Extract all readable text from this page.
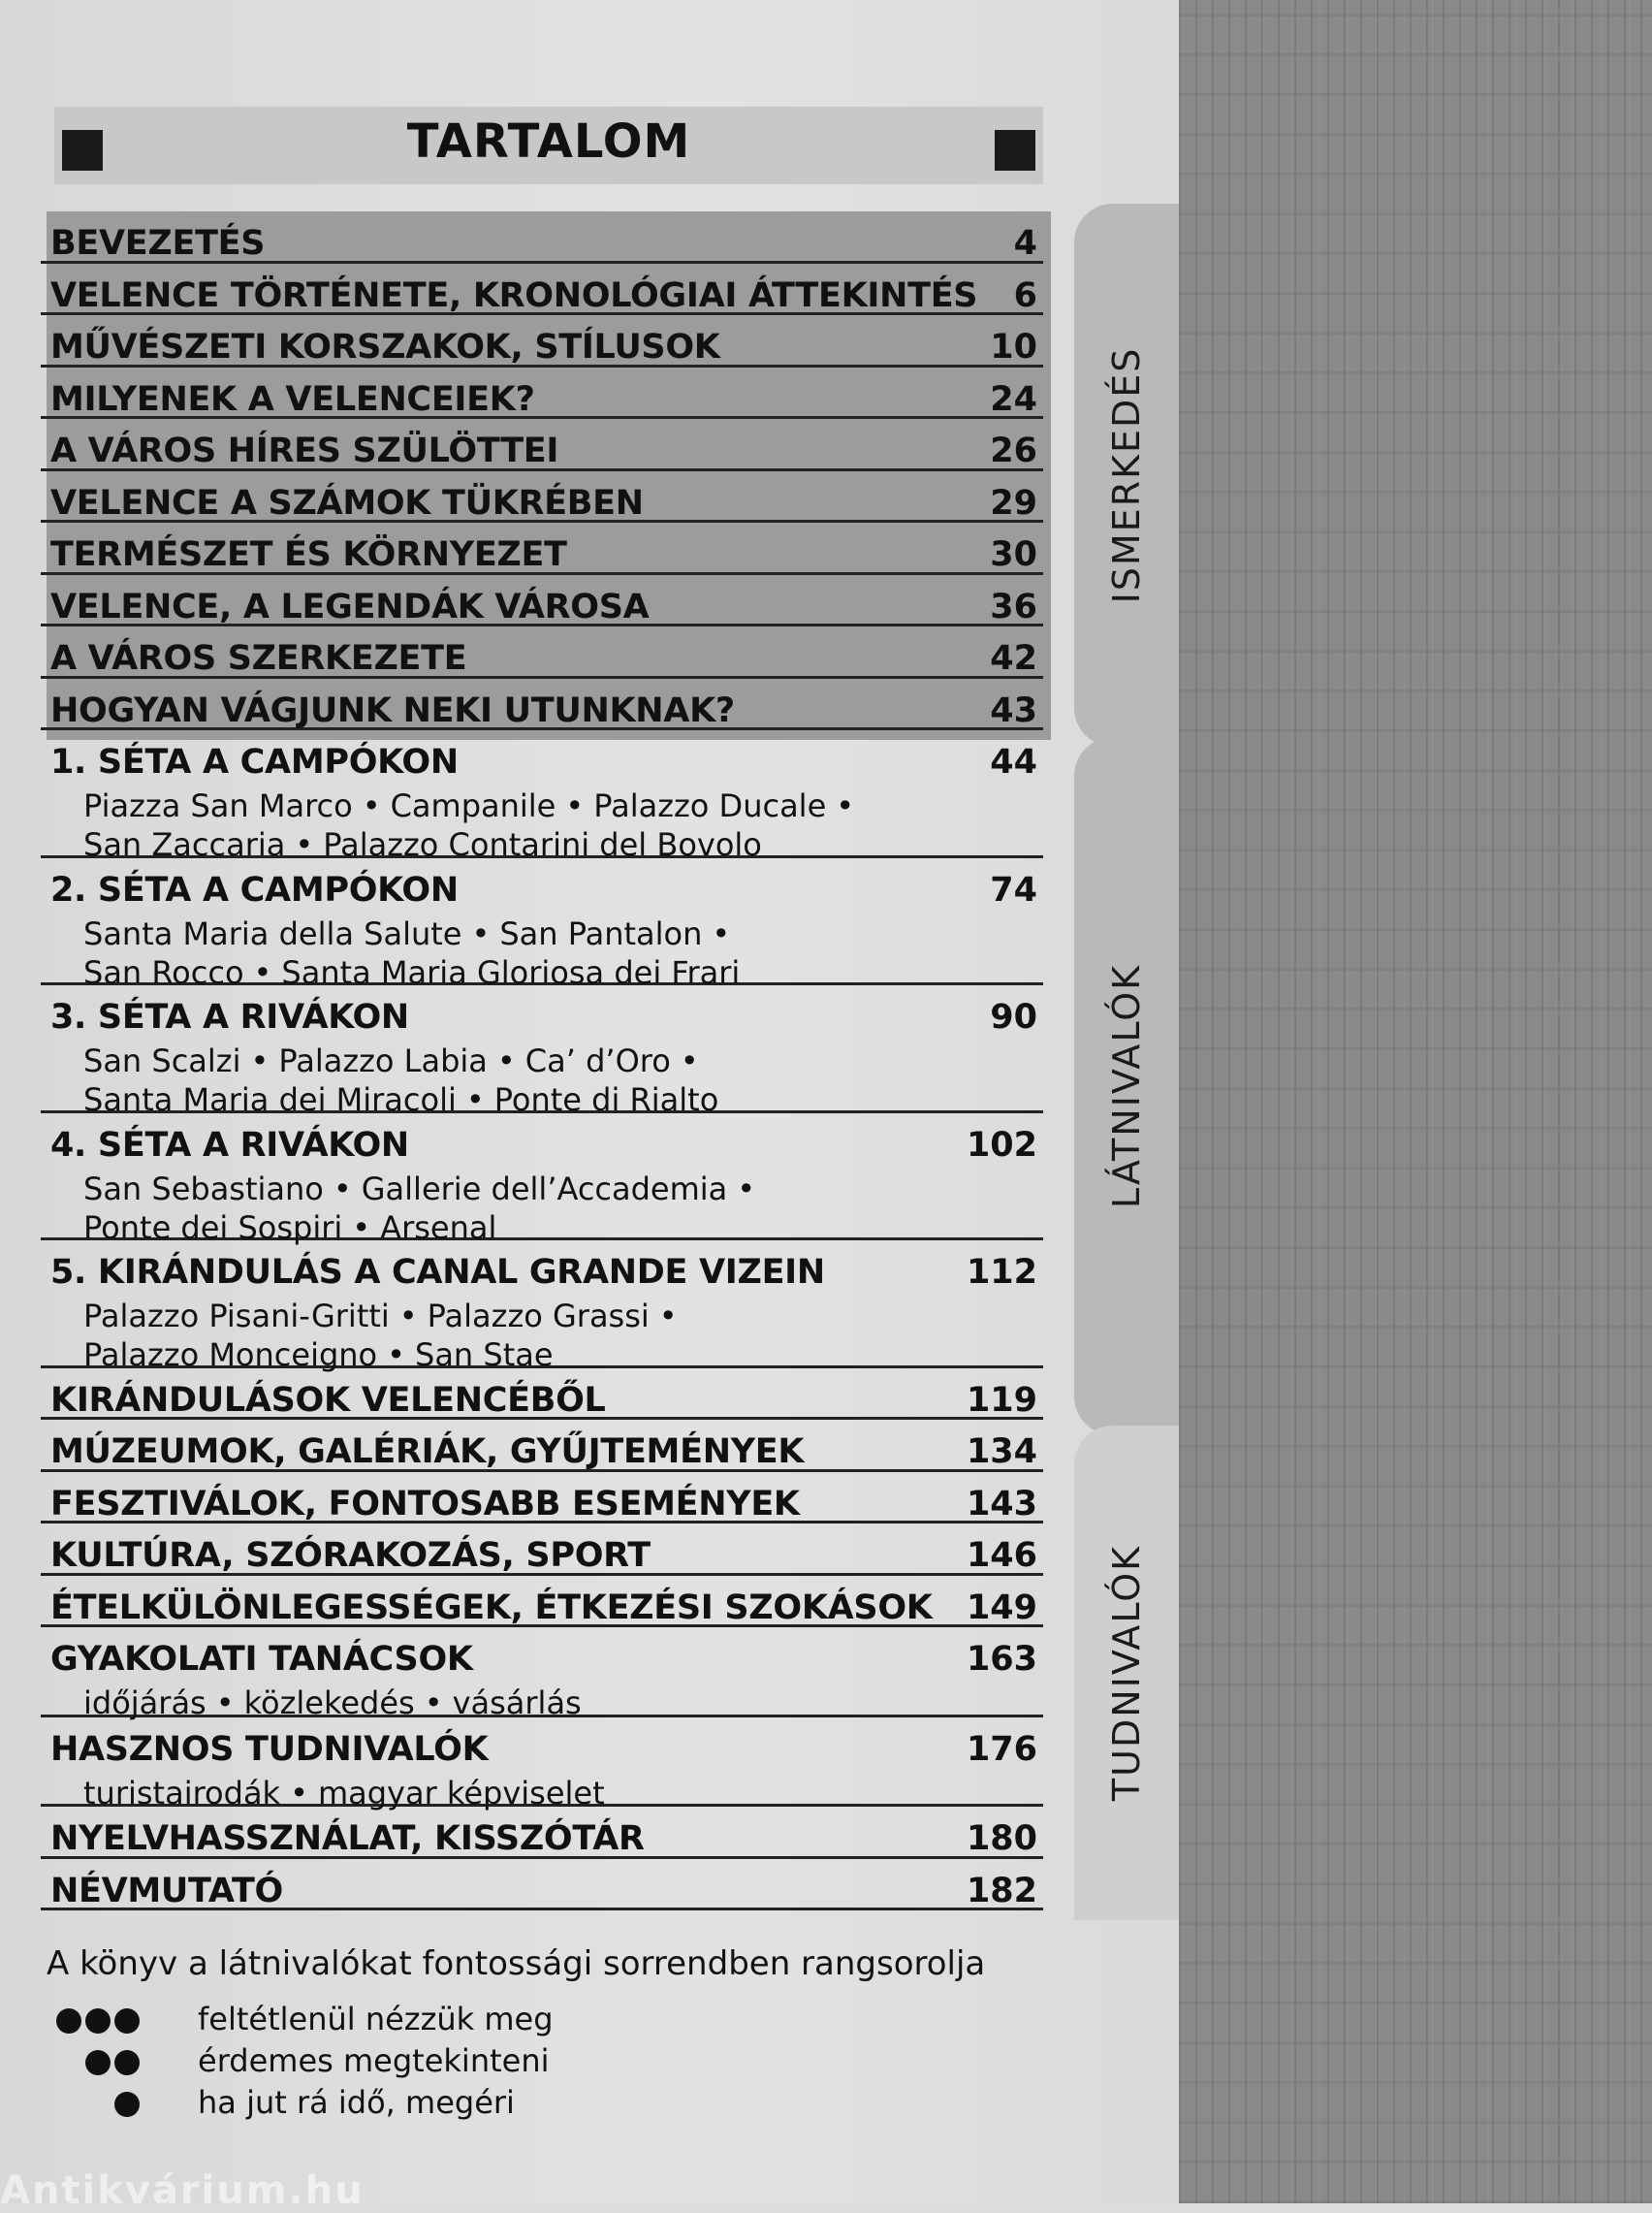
TARTALOM
ISMERKEDÉS
LÁTNIVALÓK
TUDNIVALÓK
BEVEZETÉS	4
VELENCE TÖRTÉNETE, KRONOLÓGIAI ÁTTEKINTÉS 6
MŰVÉSZETI KORSZAKOK, STÍLUSOK	10
MILYENEK A VELENCEIEK?	24
A VÁROS HÍRES SZÜLÖTTEI	26
VELENCE A SZÁMOK TÜKRÉBEN	29
TERMÉSZET ÉS KÖRNYEZET	30
VELENCE, A LEGENDÁK VÁROSA	36
A VÁROS SZERKEZETE	42
HOGYAN VÁGJUNK NEKI UTUNKNAK?	43
1. SÉTA A CAMPÓKON	44
Piazza San Marco • Campanile • Palazzo Ducale •
San Zaccaria • Palazzo Contarini del Bovolo
2. SÉTA A CAMPÓKON	74
Santa Maria della Salute • San Pantalon •
San Rocco • Santa Maria Gloriosa dei Frari
3. SÉTA A RIVÁKON	90
San Scalzi • Palazzo Labia • Ca’ d’Oro •
Santa Maria dei Miracoli • Ponte di Rialto
4. SÉTA A RIVÁKON	102
San Sebastiano • Gallerie dell’Accademia •
Ponte dei Sospiri • Arsenal
5. KIRÁNDULÁS A CANAL GRANDE VIZEIN	112
Palazzo Pisani-Gritti • Palazzo Grassi •
Palazzo Monceigno • San Stae
KIRÁNDULÁSOK VELENCÉBŐL	119
MÚZEUMOK, GALÉRIÁK, GYŰJTEMÉNYEK	134
FESZTIVÁLOK, FONTOSABB ESEMÉNYEK	143
KULTÚRA, SZÓRAKOZÁS, SPORT	146
ÉTELKÜLÖNLEGESSÉGEK, ÉTKEZÉSI SZOKÁSOK 149
GYAKOLATI TANÁCSOK	163
időjárás • közlekedés • vásárlás
HASZNOS TUDNIVALÓK	176
turistairodák • magyar képviselet
NYELVHASSZNÁLAT, KISSZÓTÁR	180
NÉVMUTATÓ	182
A könyv a látnivalókat fontossági sorrendben rangsorolja
feltétlenül nézzük meg
érdemes megtekinteni
ha jut rá idő, megéri
Antikvárium.hu
